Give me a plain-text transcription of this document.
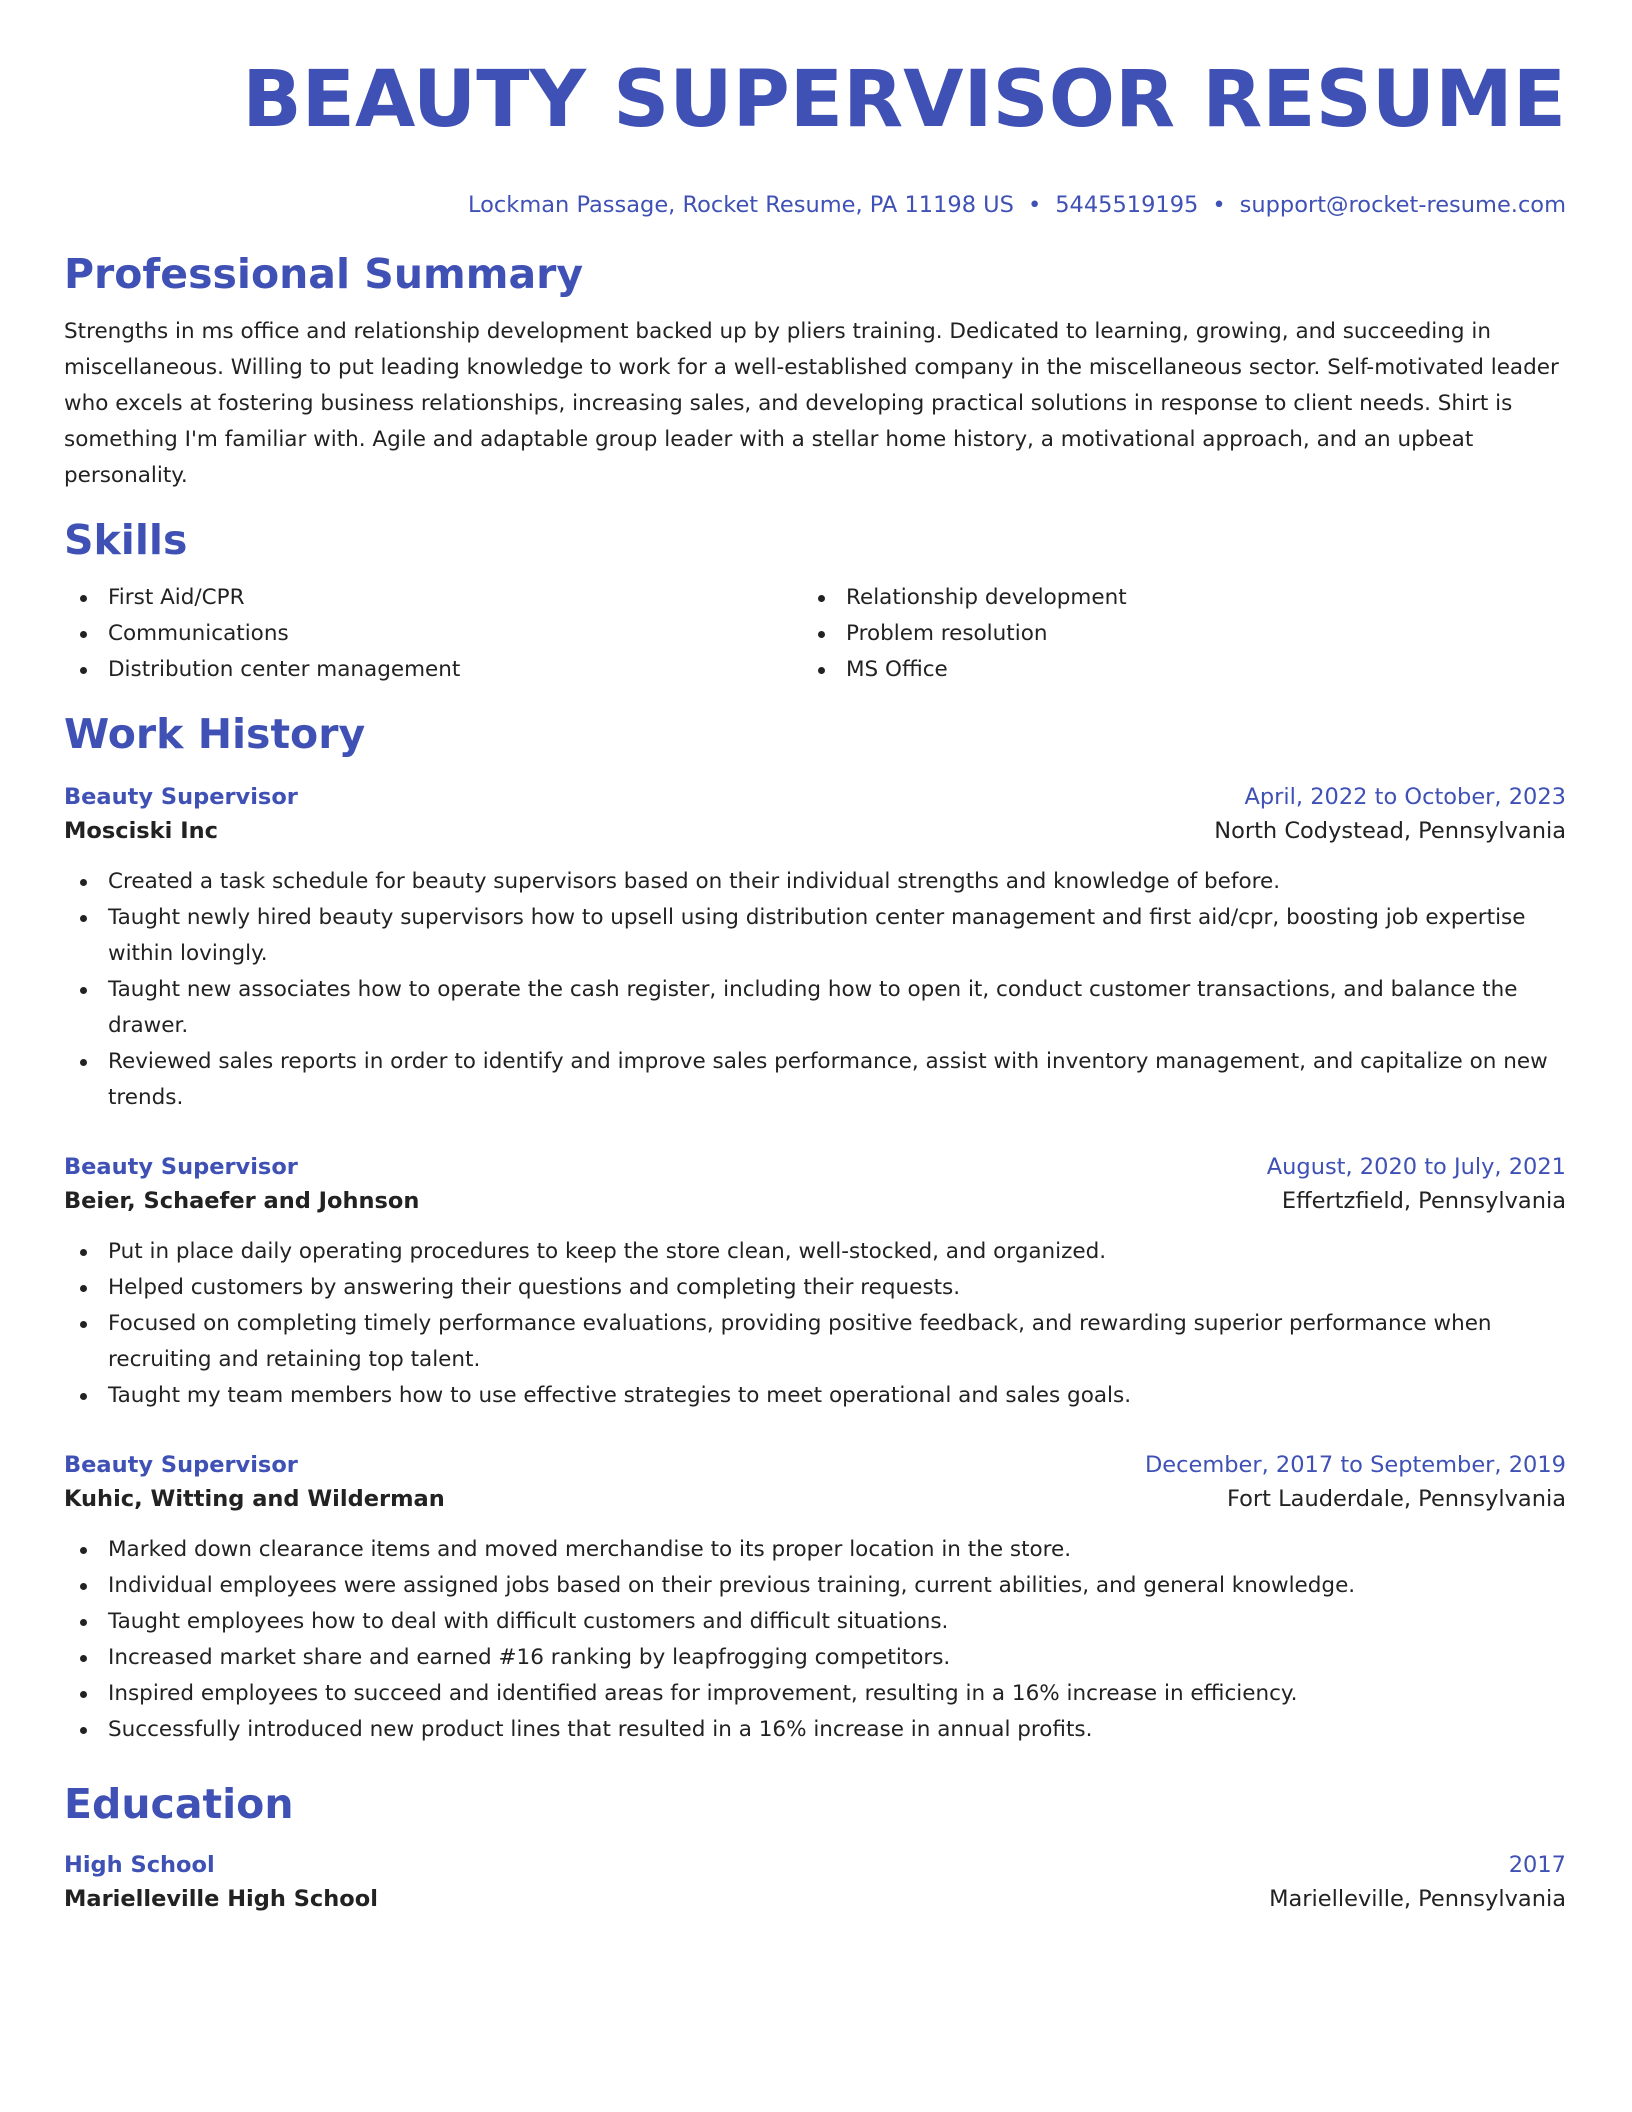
BEAUTY SUPERVISOR RESUME
Lockman Passage, Rocket Resume, PA 11198 US • 5445519195 • support@rocket-resume.com
Professional Summary
Strengths in ms office and relationship development backed up by pliers training. Dedicated to learning, growing, and succeeding in miscellaneous. Willing to put leading knowledge to work for a well-established company in the miscellaneous sector. Self-motivated leader who excels at fostering business relationships, increasing sales, and developing practical solutions in response to client needs. Shirt is something I'm familiar with. Agile and adaptable group leader with a stellar home history, a motivational approach, and an upbeat personality.
Skills
First Aid/CPR
Communications
Distribution center management
Relationship development
Problem resolution
MS Office
Work History
Beauty Supervisor	April, 2022 to October, 2023
Mosciski Inc	North Codystead, Pennsylvania
Created a task schedule for beauty supervisors based on their individual strengths and knowledge of before.
Taught newly hired beauty supervisors how to upsell using distribution center management and first aid/cpr, boosting job expertise within lovingly.
Taught new associates how to operate the cash register, including how to open it, conduct customer transactions, and balance the drawer.
Reviewed sales reports in order to identify and improve sales performance, assist with inventory management, and capitalize on new trends.
Beauty Supervisor	August, 2020 to July, 2021
Beier, Schaefer and Johnson	Effertzfield, Pennsylvania
Put in place daily operating procedures to keep the store clean, well-stocked, and organized.
Helped customers by answering their questions and completing their requests.
Focused on completing timely performance evaluations, providing positive feedback, and rewarding superior performance when recruiting and retaining top talent.
Taught my team members how to use effective strategies to meet operational and sales goals.
Beauty Supervisor	December, 2017 to September, 2019
Kuhic, Witting and Wilderman	Fort Lauderdale, Pennsylvania
Marked down clearance items and moved merchandise to its proper location in the store.
Individual employees were assigned jobs based on their previous training, current abilities, and general knowledge.
Taught employees how to deal with difficult customers and difficult situations.
Increased market share and earned #16 ranking by leapfrogging competitors.
Inspired employees to succeed and identified areas for improvement, resulting in a 16% increase in efficiency.
Successfully introduced new product lines that resulted in a 16% increase in annual profits.
Education
High School	2017
Marielleville High School	Marielleville, Pennsylvania
